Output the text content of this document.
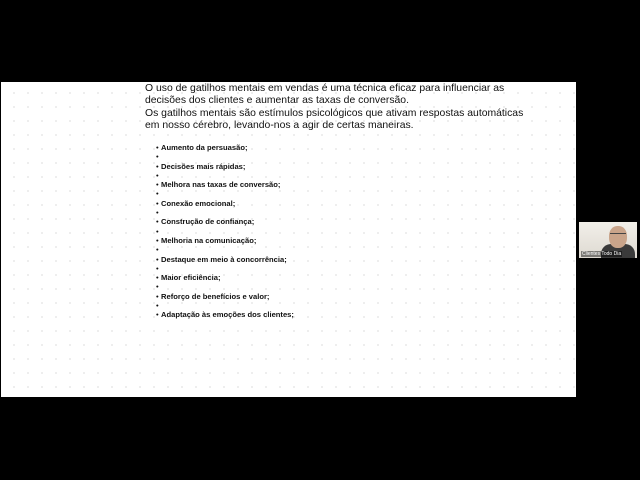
O uso de gatilhos mentais em vendas é uma técnica eficaz para influenciar as decisões dos clientes e aumentar as taxas de conversão.

Os gatilhos mentais são estímulos psicológicos que ativam respostas automáticas em nosso cérebro, levando-nos a agir de certas maneiras.

• Aumento da persuasão;
•
• Decisões mais rápidas;
•
• Melhora nas taxas de conversão;
•
• Conexão emocional;
•
• Construção de confiança;
•
• Melhoria na comunicação;
•
• Destaque em meio à concorrência;
•
• Maior eficiência;
•
• Reforço de benefícios e valor;
•
• Adaptação às emoções dos clientes;
Clientes Todo Dia
